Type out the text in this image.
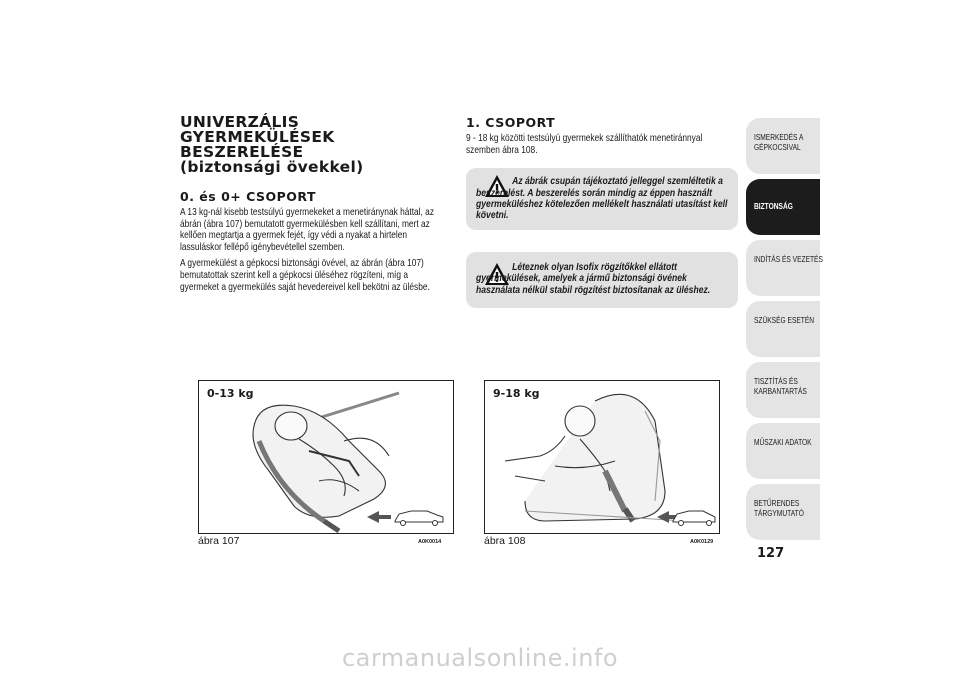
UNIVERZÁLIS GYERMEKÜLÉSEK

BESZERELÉSE

(biztonsági övekkel)

0. és 0+ CSOPORT

A 13 kg-nál kisebb testsúlyú gyermekeket a menetiránynak háttal, az ábrán (ábra 107) bemutatott gyermekülésben kell szállítani, mert az kellően megtartja a gyermek fejét, így védi a nyakat a hirtelen lassuláskor fellépő igénybevétellel szemben.

A gyermekülést a gépkocsi biztonsági övével, az ábrán (ábra 107) bemutatottak szerint kell a gépkocsi üléséhez rögzíteni, míg a gyermeket a gyermekülés saját hevedereivel kell bekötni az ülésbe.

1. CSOPORT

9 - 18 kg közötti testsúlyú gyermekek szállíthatók menetiránnyal szemben ábra 108.

Az ábrák csupán tájékoztató jelleggel szemléltetik a beszerelést. A beszerelés során mindig az éppen használt gyermeküléshez kötelezően mellékelt használati utasítást kell követni.

Léteznek olyan Isofix rögzítőkkel ellátott gyermekülések, amelyek a jármű biztonsági övének használata nélkül stabil rögzítést biztosítanak az üléshez.

0-13 kg
ábra 107	A0K0014
9-18 kg
ábra 108	A0K0129
ISMERKEDÉS A GÉPKOCSIVAL
BIZTONSÁG
INDÍTÁS ÉS VEZETÉS
SZÜKSÉG ESETÉN
TISZTÍTÁS ÉS KARBANTARTÁS
MŰSZAKI ADATOK
BETŰRENDES TÁRGYMUTATÓ
127
carmanualsonline.info
